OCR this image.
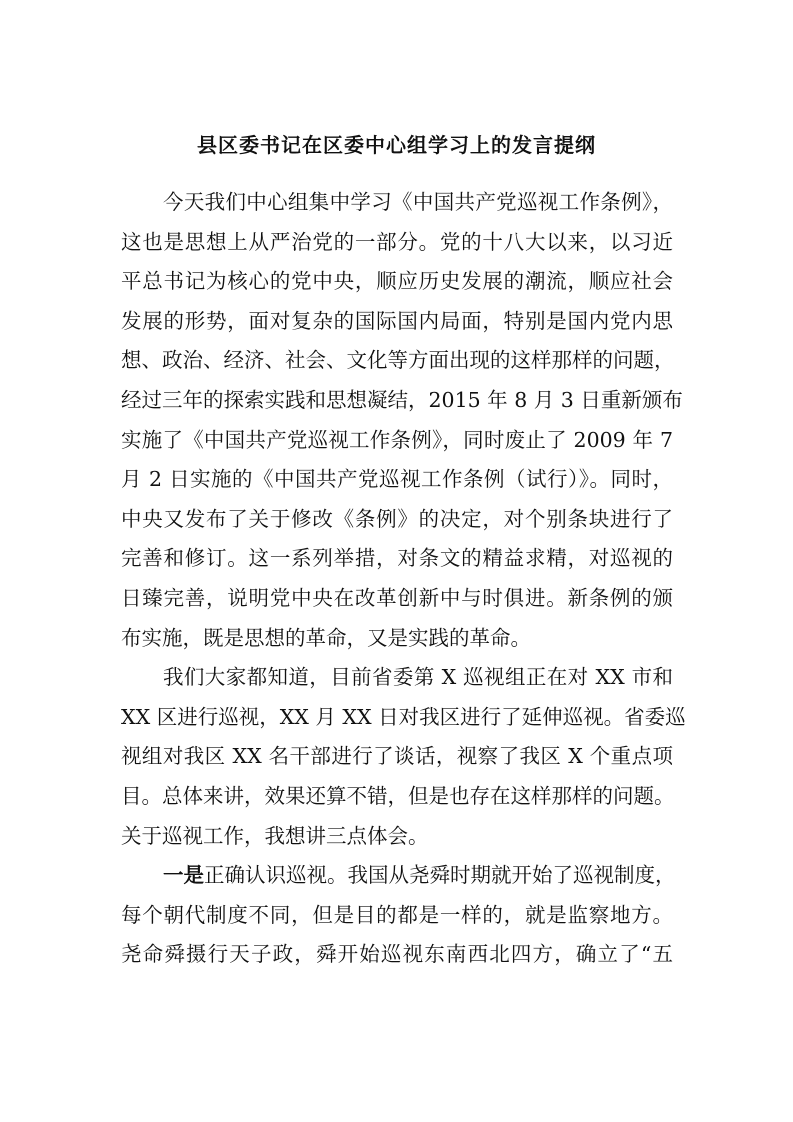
县区委书记在区委中心组学习上的发言提纲
今天我们中心组集中学习《中国共产党巡视工作条例》，
这也是思想上从严治党的一部分。党的十八大以来，以习近
平总书记为核心的党中央，顺应历史发展的潮流，顺应社会
发展的形势，面对复杂的国际国内局面，特别是国内党内思
想、政治、经济、社会、文化等方面出现的这样那样的问题，
经过三年的探索实践和思想凝结，2015 年 8 月 3 日重新颁布
实施了《中国共产党巡视工作条例》，同时废止了 2009 年 7
月 2 日实施的《中国共产党巡视工作条例（试行）》。同时，
中央又发布了关于修改《条例》的决定，对个别条块进行了
完善和修订。这一系列举措，对条文的精益求精，对巡视的
日臻完善，说明党中央在改革创新中与时俱进。新条例的颁
布实施，既是思想的革命，又是实践的革命。
我们大家都知道，目前省委第 X 巡视组正在对 XX 市和
XX 区进行巡视，XX 月 XX 日对我区进行了延伸巡视。省委巡
视组对我区 XX 名干部进行了谈话，视察了我区 X 个重点项
目。总体来讲，效果还算不错，但是也存在这样那样的问题。
关于巡视工作，我想讲三点体会。
一是正确认识巡视。我国从尧舜时期就开始了巡视制度，
每个朝代制度不同，但是目的都是一样的，就是监察地方。
尧命舜摄行天子政，舜开始巡视东南西北四方，确立了“五
